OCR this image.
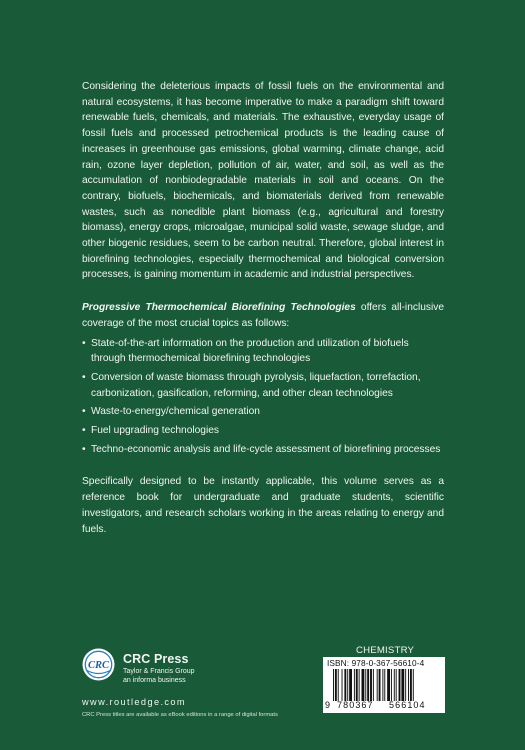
Considering the deleterious impacts of fossil fuels on the environmental and natural ecosystems, it has become imperative to make a paradigm shift toward renewable fuels, chemicals, and materials. The exhaustive, everyday usage of fossil fuels and processed petrochemical products is the leading cause of increases in greenhouse gas emissions, global warming, climate change, acid rain, ozone layer depletion, pollution of air, water, and soil, as well as the accumulation of nonbiodegradable materials in soil and oceans. On the contrary, biofuels, biochemicals, and biomaterials derived from renewable wastes, such as nonedible plant biomass (e.g., agricultural and forestry biomass), energy crops, microalgae, municipal solid waste, sewage sludge, and other biogenic residues, seem to be carbon neutral. Therefore, global interest in biorefining technologies, especially thermochemical and biological conversion processes, is gaining momentum in academic and industrial perspectives.

Progressive Thermochemical Biorefining Technologies offers all-inclusive coverage of the most crucial topics as follows:

• State-of-the-art information on the production and utilization of biofuels through thermochemical biorefining technologies
• Conversion of waste biomass through pyrolysis, liquefaction, torrefaction, carbonization, gasification, reforming, and other clean technologies
• Waste-to-energy/chemical generation
• Fuel upgrading technologies
• Techno-economic analysis and life-cycle assessment of biorefining processes

Specifically designed to be instantly applicable, this volume serves as a reference book for undergraduate and graduate students, scientific investigators, and research scholars working in the areas relating to energy and fuels.

CRC CRC Press
Taylor & Francis Group
an informa business
www.routledge.com
CRC Press titles are available as eBook editions in a range of digital formats
CHEMISTRY
ISBN: 978-0-367-56610-4
9 780367 566104
